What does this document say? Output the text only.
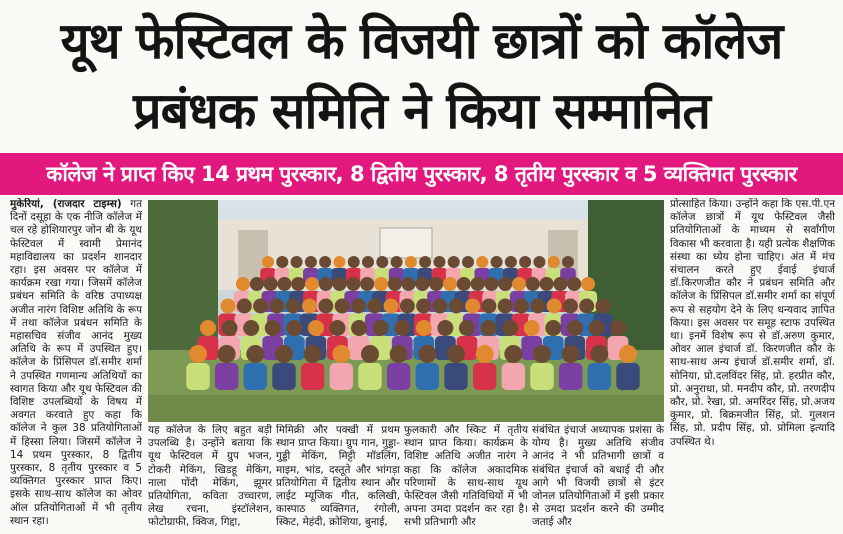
यूथ फेस्टिवल के विजयी छात्रों को कॉलेज
प्रबंधक समिति ने किया सम्मानित
कॉलेज ने प्राप्त किए 14 प्रथम पुरस्कार, 8 द्वितीय पुरस्कार, 8 तृतीय पुरस्कार व 5 व्यक्तिगत पुरस्कार
मुकेरियां, (राजदार टाइम्स) गत दिनों दसूहा के एक नीजि कॉलेज में चल रहे होशियारपुर जोन बी के यूथ फेस्टिवल में स्वामी प्रेमानंद महाविद्यालय का प्रदर्शन शानदार रहा। इस अवसर पर कॉलेज में कार्यक्रम रखा गया। जिसमें कॉलेज प्रबंधन समिति के वरिष्ठ उपाध्यक्ष अजीत नारंग विशिष्ट अतिथि के रूप में तथा कॉलेज प्रबंधन समिति के महासचिव संजीव आनंद मुख्य अतिथि के रूप में उपस्थित हुए। कॉलेज के प्रिंसिपल डॉ.समीर शर्मा ने उपस्थित गणमान्य अतिथियों का स्वागत किया और यूथ फेस्टिवल की विशिष्ट उपलब्धियों के विषय में अवगत करवाते हुए कहा कि कॉलेज ने कुल 38 प्रतियोगिताओं में हिस्सा लिया। जिसमें कॉलेज ने 14 प्रथम पुरस्कार, 8 द्वितीय पुरस्कार, 8 तृतीय पुरस्कार व 5 व्यक्तिगत पुरस्कार प्राप्त किए। इसके साथ-साथ कॉलेज का ओवर ऑल प्रतियोगिताओं में भी तृतीय स्थान रहा।
यह कॉलेज के लिए बहुत बड़ी उपलब्धि है। उन्होंने बताया कि यूथ फेस्टिवल में ग्रुप भजन, टोकरी मेकिंग, खिडहू मेकिंग, नाला पोंदी मेकिंग, झूमर प्रतियोगिता, कविता उच्चारण, लेख रचना, इंस्टॉलेशन, फोटोग्राफी, क्विज, गिद्दा,
मिमिक्री और पक्खी में प्रथम स्थान प्राप्त किया। ग्रुप गान, गुड्डा-गुड्डी मेकिंग, मिट्टी मॉडलिंग, माइम, भांड, दस्तूते और भांगड़ा प्रतियोगिता में द्वितीय स्थान और लाईट म्यूजिक गीत, कलिखी, कास्पाठ व्यक्तिगत, रंगोली, स्किट, मेहंदी, क्रोशिया, बुनाई,
फुलकारी और स्किट में तृतीय स्थान प्राप्त किया। कार्यक्रम के विशिष्ट अतिथि अजीत नारंग ने कहा कि कॉलेज अकादमिक परिणामों के साथ-साथ यूथ फेस्टिवल जैसी गतिविधियों में भी अपना उमदा प्रदर्शन कर रहा है। सभी प्रतिभागी और
संबंधित इंचार्ज अध्यापक प्रशंसा के योग्य है। मुख्य अतिथि संजीव आनंद ने भी प्रतिभागी छात्रों व संबंधित इंचार्ज को बधाई दी और आगे भी विजयी छात्रों से इंटर जोनल प्रतियोगिताओं में इसी प्रकार से उमदा प्रदर्शन करने की उम्मीद जताई और
प्रोत्साहित किया। उन्होंने कहा कि एस.पी.एन कॉलेज छात्रों में यूथ फेस्टिवल जैसी प्रतियोगिताओं के माध्यम से सर्वांगीण विकास भी करवाता है। यही प्रत्येक शैक्षणिक संस्था का ध्येय होना चाहिए। अंत में मंच संचालन करते हुए ईवाई इंचार्ज डॉ.किरणजीत कौर ने प्रबंधन समिति और कॉलेज के प्रिंसिपल डॉ.समीर शर्मा का संपूर्ण रूप से सहयोग देने के लिए धन्यवाद ज्ञापित किया। इस अवसर पर समूह स्टाफ उपस्थित था। इनमें विशेष रूप से डॉ.अरुण कुमार, ओवर आल इंचार्ज डॉ. किरणजीत कौर के साथ-साथ अन्य इंचार्ज डॉ.समीर शर्मा, डॉ. सोनिया, प्रो.दलविंदर सिंह, प्रो. हरप्रीत कौर, प्रो. अनुराधा, प्रो. मनदीप कौर, प्रो. तरणदीप कौर, प्रो. रेखा, प्रो. अमरिंदर सिंह, प्रो.अजय कुमार, प्रो. बिक्रमजीत सिंह, प्रो. गुलशन सिंह, प्रो. प्रदीप सिंह, प्रो. प्रोमिला इत्यादि उपस्थित थे।
